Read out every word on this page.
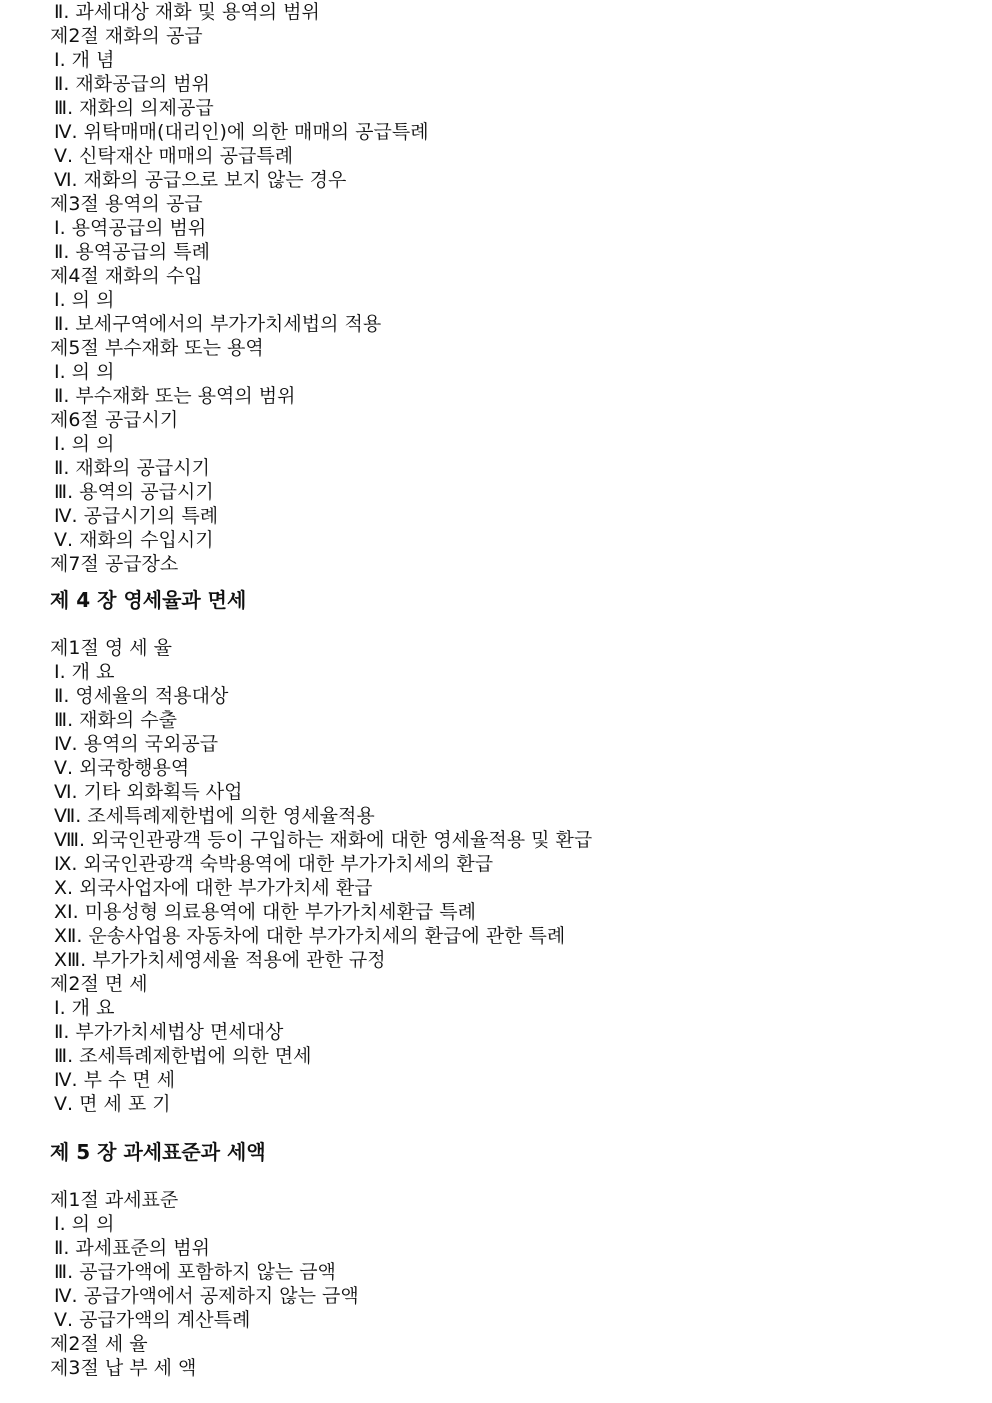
Ⅱ. 과세대상 재화 및 용역의 범위
제2절 재화의 공급
Ⅰ. 개 념
Ⅱ. 재화공급의 범위
Ⅲ. 재화의 의제공급
Ⅳ. 위탁매매(대리인)에 의한 매매의 공급특례
Ⅴ. 신탁재산 매매의 공급특례
Ⅵ. 재화의 공급으로 보지 않는 경우
제3절 용역의 공급
Ⅰ. 용역공급의 범위
Ⅱ. 용역공급의 특례
제4절 재화의 수입
Ⅰ. 의 의
Ⅱ. 보세구역에서의 부가가치세법의 적용
제5절 부수재화 또는 용역
Ⅰ. 의 의
Ⅱ. 부수재화 또는 용역의 범위
제6절 공급시기
Ⅰ. 의 의
Ⅱ. 재화의 공급시기
Ⅲ. 용역의 공급시기
Ⅳ. 공급시기의 특례
Ⅴ. 재화의 수입시기
제7절 공급장소
제 4 장 영세율과 면세
제1절 영 세 율
Ⅰ. 개 요
Ⅱ. 영세율의 적용대상
Ⅲ. 재화의 수출
Ⅳ. 용역의 국외공급
Ⅴ. 외국항행용역
Ⅵ. 기타 외화획득 사업
Ⅶ. 조세특례제한법에 의한 영세율적용
Ⅷ. 외국인관광객 등이 구입하는 재화에 대한 영세율적용 및 환급
Ⅸ. 외국인관광객 숙박용역에 대한 부가가치세의 환급
Ⅹ. 외국사업자에 대한 부가가치세 환급
ⅩⅠ. 미용성형 의료용역에 대한 부가가치세환급 특례
ⅩⅡ. 운송사업용 자동차에 대한 부가가치세의 환급에 관한 특례
ⅩⅢ. 부가가치세영세율 적용에 관한 규정
제2절 면 세
Ⅰ. 개 요
Ⅱ. 부가가치세법상 면세대상
Ⅲ. 조세특례제한법에 의한 면세
Ⅳ. 부 수 면 세
Ⅴ. 면 세 포 기
제 5 장 과세표준과 세액
제1절 과세표준
Ⅰ. 의 의
Ⅱ. 과세표준의 범위
Ⅲ. 공급가액에 포함하지 않는 금액
Ⅳ. 공급가액에서 공제하지 않는 금액
Ⅴ. 공급가액의 계산특례
제2절 세 율
제3절 납 부 세 액
